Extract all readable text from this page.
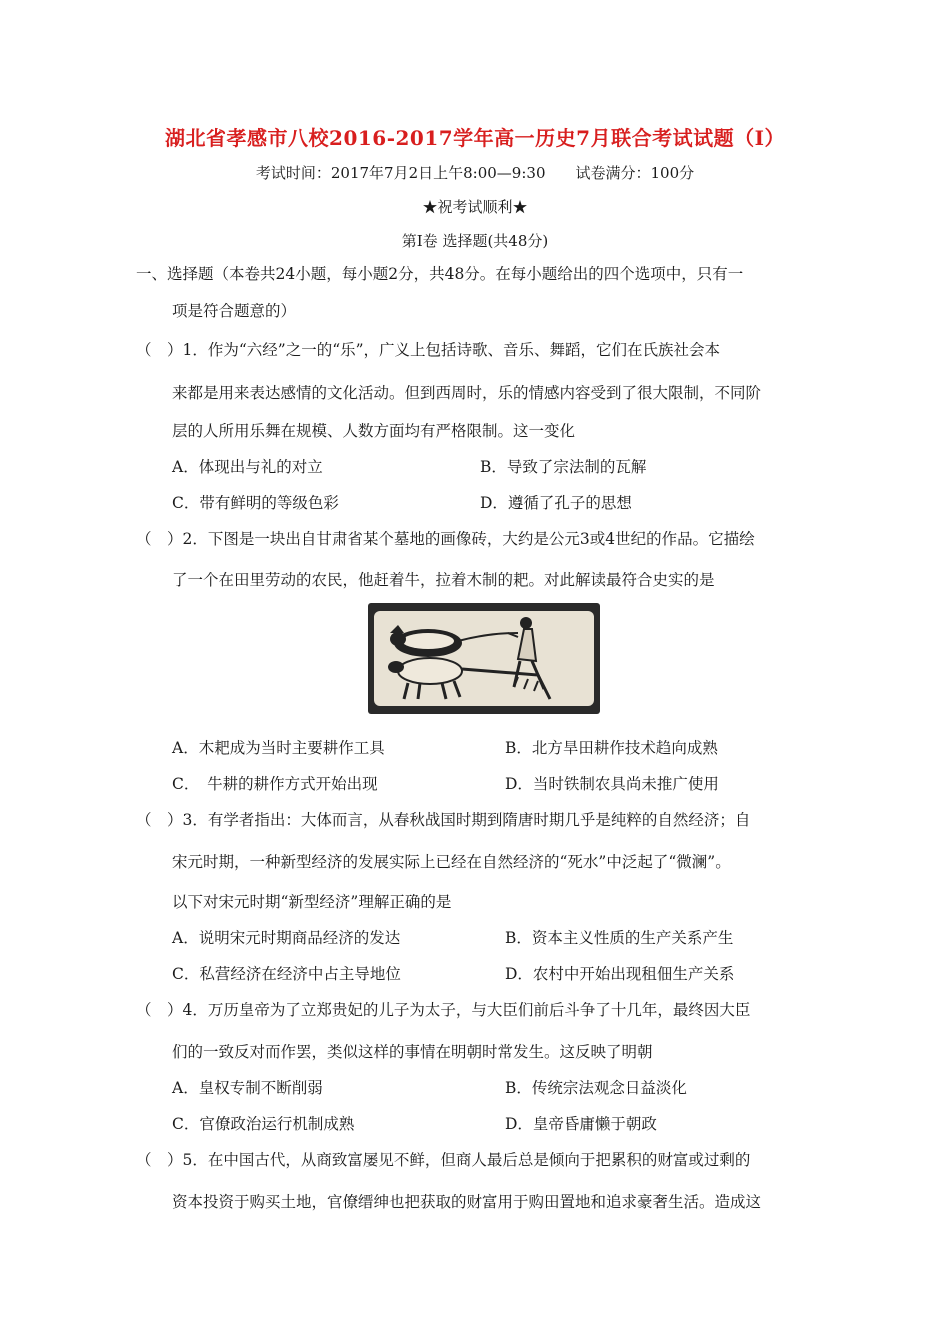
湖北省孝感市八校2016-2017学年高一历史7月联合考试试题（Ⅰ）
考试时间：2017年7月2日上午8:00—9:30　　试卷满分：100分
★祝考试顺利★
第Ⅰ卷 选择题(共48分)
一、选择题（本卷共24小题，每小题2分，共48分。在每小题给出的四个选项中，只有一
项是符合题意的）
（　）1．作为“六经”之一的“乐”，广义上包括诗歌、音乐、舞蹈，它们在氏族社会本
来都是用来表达感情的文化活动。但到西周时，乐的情感内容受到了很大限制，不同阶
层的人所用乐舞在规模、人数方面均有严格限制。这一变化
A．体现出与礼的对立	B．导致了宗法制的瓦解
C．带有鲜明的等级色彩	D．遵循了孔子的思想
（　）2．下图是一块出自甘肃省某个墓地的画像砖，大约是公元3或4世纪的作品。它描绘
了一个在田里劳动的农民，他赶着牛，拉着木制的耙。对此解读最符合史实的是
A．木耙成为当时主要耕作工具	B．北方旱田耕作技术趋向成熟
C．　牛耕的耕作方式开始出现	D．当时铁制农具尚未推广使用
（　）3．有学者指出：大体而言，从春秋战国时期到隋唐时期几乎是纯粹的自然经济；自
宋元时期，一种新型经济的发展实际上已经在自然经济的“死水”中泛起了“微澜”。
以下对宋元时期“新型经济”理解正确的是
A．说明宋元时期商品经济的发达	B．资本主义性质的生产关系产生
C．私营经济在经济中占主导地位	D．农村中开始出现租佃生产关系
（　）4．万历皇帝为了立郑贵妃的儿子为太子，与大臣们前后斗争了十几年，最终因大臣
们的一致反对而作罢，类似这样的事情在明朝时常发生。这反映了明朝
A．皇权专制不断削弱	B．传统宗法观念日益淡化
C．官僚政治运行机制成熟	D．皇帝昏庸懒于朝政
（　）5．在中国古代，从商致富屡见不鲜，但商人最后总是倾向于把累积的财富或过剩的
资本投资于购买土地，官僚缙绅也把获取的财富用于购田置地和追求豪奢生活。造成这
